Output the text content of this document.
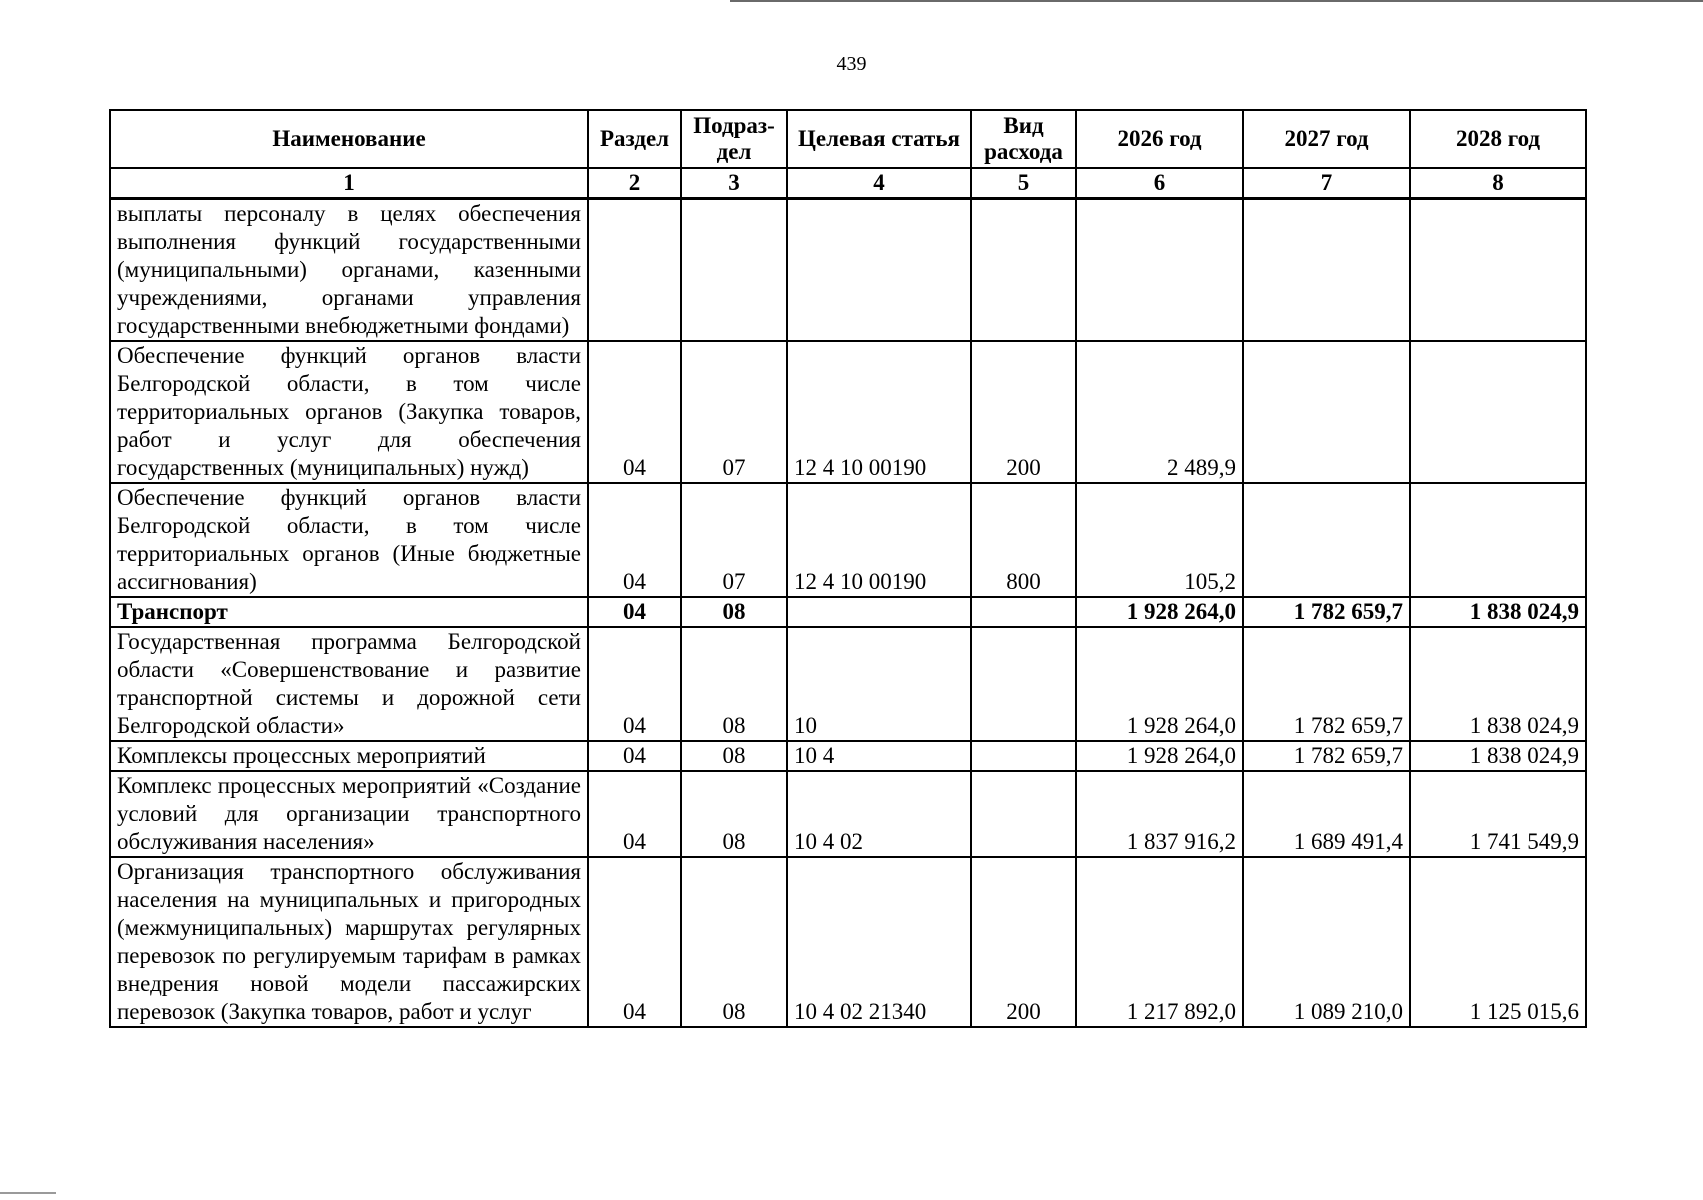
439
Наименование	Раздел	Подраз-дел	Целевая статья	Вид расхода	2026 год	2027 год	2028 год
1	2	3	4	5	6	7	8
выплаты персоналу в целях обеспечения выполнения функций государственными (муниципальными) органами, казенными учреждениями, органами управления государственными внебюджетными фондами)							
Обеспечение функций органов власти Белгородской области, в том числе территориальных органов (Закупка товаров, работ и услуг для обеспечения государственных (муниципальных) нужд)	04	07	12 4 10 00190	200	2 489,9		
Обеспечение функций органов власти Белгородской области, в том числе территориальных органов (Иные бюджетные ассигнования)	04	07	12 4 10 00190	800	105,2		
Транспорт	04	08			1 928 264,0	1 782 659,7	1 838 024,9
Государственная программа Белгородской области «Совершенствование и развитие транспортной системы и дорожной сети Белгородской области»	04	08	10		1 928 264,0	1 782 659,7	1 838 024,9
Комплексы процессных мероприятий	04	08	10 4		1 928 264,0	1 782 659,7	1 838 024,9
Комплекс процессных мероприятий «Создание условий для организации транспортного обслуживания населения»	04	08	10 4 02		1 837 916,2	1 689 491,4	1 741 549,9
Организация транспортного обслуживания населения на муниципальных и пригородных (межмуниципальных) маршрутах регулярных перевозок по регулируемым тарифам в рамках внедрения новой модели пассажирских перевозок (Закупка товаров, работ и услуг	04	08	10 4 02 21340	200	1 217 892,0	1 089 210,0	1 125 015,6
